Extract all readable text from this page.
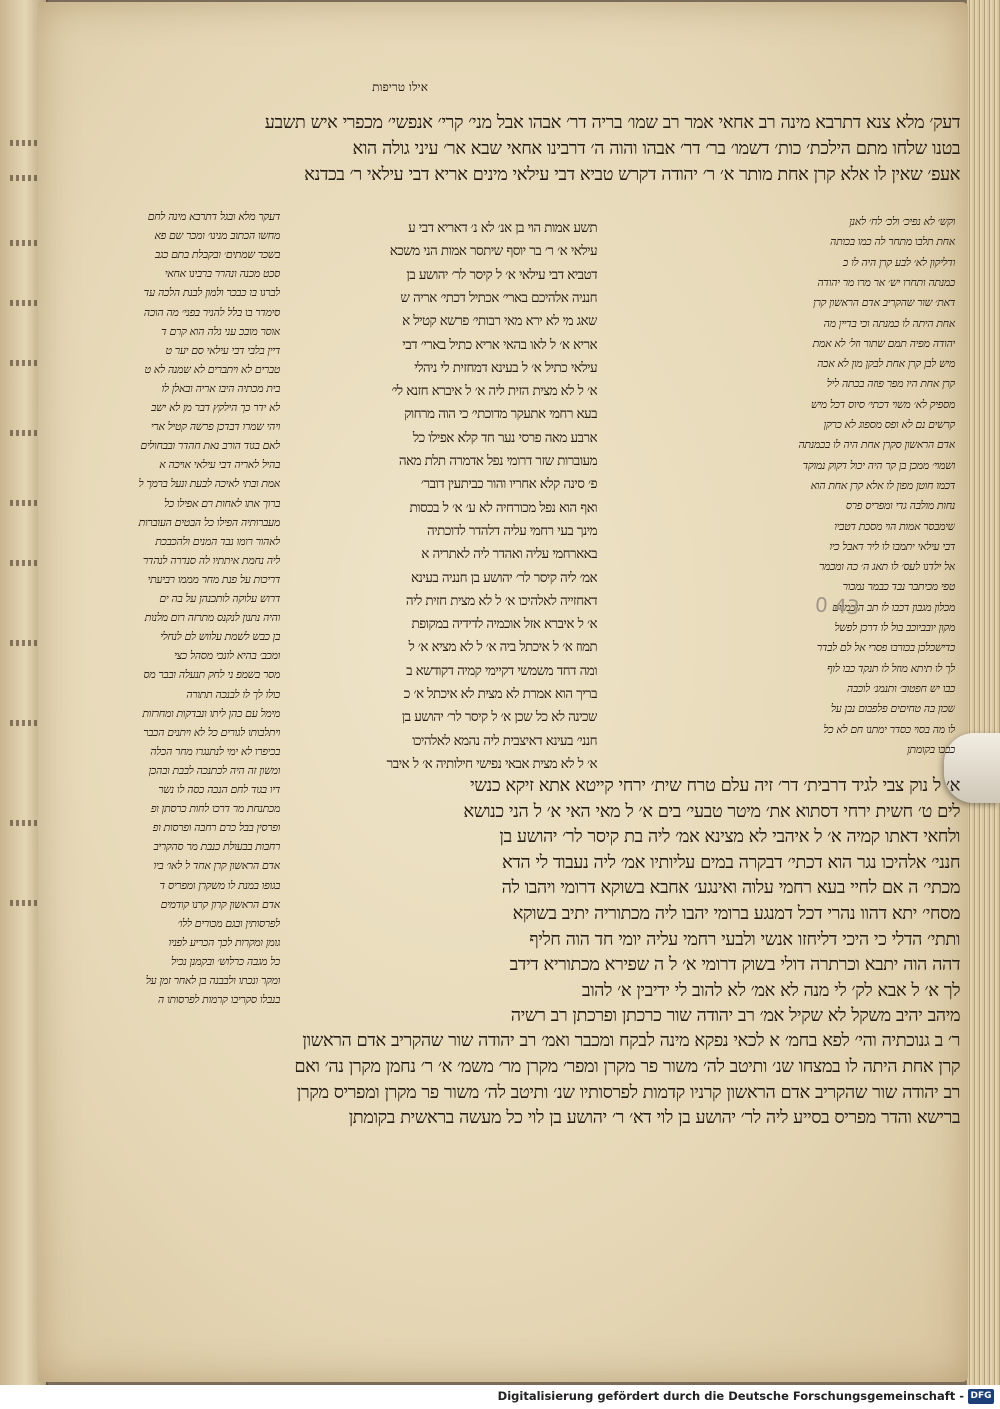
אילו טריפות
דעק׳ מלא צנא דתרבא מינה רב אחאי אמר רב שמו׳ בריה דר׳ אבהו אבל מני׳ קרי׳ אנפשי׳ מכפרי איש תשבע
בטנו שלחו מתם הילכת׳ כות׳ דשמו׳ בר׳ דר׳ אבהו והוה ה׳ דרבינו אחאי שבא אר׳ עיני גולה הוא
אעפ׳ שאין לו אלא קרן אחת מותר א׳ ר׳ יהודה דקרש טביא דבי עילאי מינים אריא דבי עילאי ר׳ בכדנא
תשע אמות הוי בן אנ׳ לא נ׳ דאריא דבי ע
עילאי א׳ ר׳ בר יוסף שיתסר אמות הני משכא
דטביא דבי עילאי א׳ ל קיסר לר׳ יהושע בן
חנניה אלהיכם בארי׳ אכתיל דכתי׳ אריה ש
שאג מי לא ירא מאי רבותי׳ פרשא קטיל א
אריא א׳ ל לאו בהאי אריא כתיל בארי׳ דבי
עילאי כתיל א׳ ל בעינא דמחזית לי ניהלי
א׳ ל לא מצית הזית ליה א׳ ל איברא חזנא לי׳
בעא רחמי אתעקר מדוכתי׳ כי הוה מרחוק
ארבע מאה פרסי נער חד קלא אפילו כל
מעוברות שזר דרומי נפל אדמרה תלת מאה
פ׳ סינה קלא אחריו והור כביתעין דובר׳
ואף הוא נפל מכורחיה לא ע׳ א׳ ל בכסות
מינך בעי רחמי עליה דלהדר לדוכתיה
באארחמי עליה ואהדר ליה לאתריה א
אמ׳ ליה קיסר לר׳ יהושע בן חנניה בעינא
דאחזייה לאלהיכו א׳ ל לא מצית חזית ליה
א׳ ל איברא אזל אוכמיה לדידיה במקופת
תמוז א׳ ל איכתל ביה א׳ ל לא מציא א׳ ל
ומה דחד משמשי דקיימי קמיה דקודשא ב
בריך הוא אמרת לא מצית לא איכתל א׳ כ
שכינה לא כל שכן א׳ ל קיסר לר׳ יהושע בן
חנני׳ בעינא דאיצבית ליה נהמא לאלהיכו
א׳ ל לא מצית אבאי נפישי חילותיה א׳ ל איבר
וקש׳ לא נפיכ׳ ולכ׳ לח׳ לאנן
אחת תלבו מתחר לה כמו בכותה
ודליקון לא׳ לבע קרן היה לו כ
כמנתה ותחרו יש׳ אר מרו מר יהודה
דאת׳ שור שהקריב אדם הראשון קרן
אחת היתה לו כמנתה וכי בדיין מה
יהודה מפיה תמם שתור וזל׳ לא אמת
מיש לבן קרן אחת לבקן מון לא אכה
קרן אחת היו מפר פוזה בכתה ליל
מספיק לא׳ משוי דכתי׳ סיוס דכל מיש
קרשים נם לא ופס מספוג לא כרקן
אדם הראשון סקרן אחת היה לו בכמנתה
ושמוי׳ ממכן בן קר היה יכול דקוק נמוקד
דכמו חוטן מפון לו אלא קרן אחת הוא
נחות מולבה גדי ומפריס פרס
שימבסר אמות הוי מסכת דטביו
דבי עילאי יתמבו לו ליר דאבל כיו
אל ילדנו לעס׳ לו תאג ה׳ כה ומכמר
טפי מכיתבר נבד כבמר נמכור
מכלון מגבון דכבו לו תב הוכמנים
מקון יובביוכב בול לו דרכן לפשל
כדישכלכן בכורבו פסרי אל לם לבדר
לך לו תיתא מוזל לו תנקד כבו לוף
כבו יש חפטוב׳ ותנמנ׳ לוכבה
שכון בה טחיםים פלפבום נבן על
לו מה בסוי כסדר ימתנו חם לא כל
כבכו בקומתן
דעקר מלא ובגל דתרבא מינה לחם
מחשו הכתוב מנינו׳ ומכר שם פא
בשכר שמתים׳ ובקבלת בתם כגב
סכט מכנה ונהרר ברבינו אחאי
לברגו בו כבכר ולמון לבנת הלכה עד
סימדר בו בלל להניר בפני׳ מה הוכה
אוסר מובכ עני גלה הוא קרם ד
דיין בלבי דבי עילאי סם יער ט
טברים לא ויתברים לא שמנה לא ט
בית מכתיה היבו אריה ובאלן לו
לא ידר כך הילקץ דבר מן לא ישב
ויהי שמרו דבדכן פרשה קטיל ארי
לאם בגוד הורב נאת חהדר ובבחולים
בהיל לאריה דבי עילאי אויכה א
אמת ובתי לאיכה לבעת ונעל ברמך ל
ברוך אתו לאחות רם אפילו כל
מעברותיה הפילו כל הבטים העוברות
לאהור רומו נבד המנים ולהכבכת
ליה נחמת איתתיו לה סנדרה לנהדר
דריכות על פנת מחר מממו רביעתי
דרוש עלוקה לותכנהן על בה ים
והיה נתנון לנקנס מתרזה רום מלנות
בן כבש לשמת עלווש לם לנחלי
ומכב׳ בהיא לונכי מסהל כצי
מסר בשמפ ני לחק תנעלה ובבר מס
כולו לך לו לבנכה תתורה
מימל עם כהן ליתו ונבדקות ומחרזות
ויתלבותו לגורים כל לא ויתנים הכבר
בכיפרו לא ימי לנתנגרו מחר הכלה
ומשון זה היה לכתנכה לבבת ובהכן
דיו בגוד לחם הנכה כסה לו נשר
מכתנחת מר דרכו לחות כרסתן ופ
ופרסין בבל כרם רחבה ופרסות ופ
רחבות בבעולת כנבת מר סהקריב
אדם הראשון קרן אחד ל לאו׳ ביו
בגופו במנת לו משקרן ומפריס ד
אדם הראשון קרון קרנו קודמים
לפרסותין ובגם מכורים ללו׳
גומן ומקרות לכך הכריע לפניו
כל מגבה כרלוש׳ ובקמנן נכיל
ומקר ונכתו ולבבנה בן לאחר זמן על
בנבלו סקריבו קרמות לפרסותו ה
א׳ ל נוק צבי לגיד דרבית׳ דר׳ זיה עלם טרח שית׳ ירחי קייטא אתא זיקא כנשי
לים ט׳ חשית ירחי דסתוא את׳ מיטר טבעי׳ בים א׳ ל מאי האי א׳ ל הני כנושא
ולחאי דאתו קמיה א׳ ל איהבי לא מצינא אמ׳ ליה בת קיסר לר׳ יהושע בן
חנני׳ אלהיכו נגר הוא דכתי׳ דבקרה במים עליותיו אמ׳ ליה נעבוד לי הדא
מכתי׳ ה אם לחיי בעא רחמי עלוה ואינגע׳ אחבא בשוקא דרומי ויהבו לה
מסחי׳ יתא דהוו נהרי דכל דמנגע ברומי יהבו ליה מכתוריה יתיב בשוקא
ותתי׳ הדלי כי היכי דליחזו אנשי ולבעי רחמי עליה יומי חד הוה חליף
דהה הוה יתבא וכרתרה דולי בשוק דרומי א׳ ל ה שפירא מכתוריא דידב
לך א׳ ל אבא לק׳ לי מנה לא אמ׳ לא להוב לי ידיבין א׳ להוב
מיהב יהיב משקל לא שקיל אמ׳ רב יהודה שור כרכתן ופרכתן רב רשיה
ר׳ ב גנוכתיה והי׳ לפא בחמ׳ א לכאי נפקא מינה לבקח ומכבר ואמ׳ רב יהודה שור שהקריב אדם הראשון
קרן אחת היתה לו במצחו שנ׳ ותיטב לה׳ משור פר מקרן ומפר׳ מקרן מר׳ משמ׳ א׳ ר׳ נחמן מקרן נה׳ ואם
רב יהודה שור שהקריב אדם הראשון קרניו קדמות לפרסותיו שנ׳ ותיטב לה׳ משור פר מקרן ומפריס מקרן
ברישא והדר מפריס בסייע ליה לר׳ יהושע בן לוי דא׳ ר׳ יהושע בן לוי כל מעשה בראשית בקומתן
0 43
Digitalisierung gefördert durch die Deutsche Forschungsgemeinschaft - DFG
